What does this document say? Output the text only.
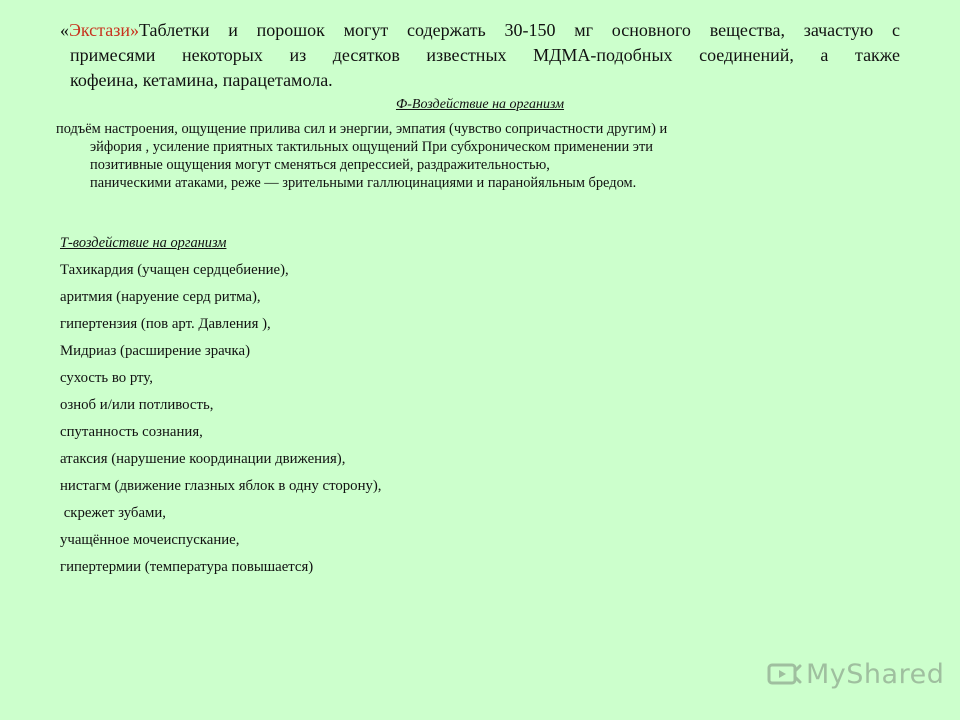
«Экстази»Таблетки и порошок могут содержать 30-150 мг основного вещества, зачастую с
примесями некоторых из десятков известных МДМА-подобных соединений, а также
кофеина, кетамина, парацетамола.
Ф-Воздействие на организм
подъём настроения, ощущение прилива сил и энергии, эмпатия (чувство сопричастности другим) и
эйфория , усиление приятных тактильных ощущений При субхроническом применении эти
позитивные ощущения могут сменяться депрессией, раздражительностью,
паническими атаками, реже — зрительными галлюцинациями и паранойяльным бредом.
Т-воздействие на организм
Тахикардия (учащен сердцебиение),
аритмия (наруение серд ритма),
гипертензия (пов арт. Давления ),
Мидриаз (расширение зрачка)
сухость во рту,
озноб и/или потливость,
спутанность сознания,
атаксия (нарушение координации движения),
нистагм (движение глазных яблок в одну сторону),
скрежет зубами,
учащённое мочеиспускание,
гипертермии (температура повышается)
MyShared
